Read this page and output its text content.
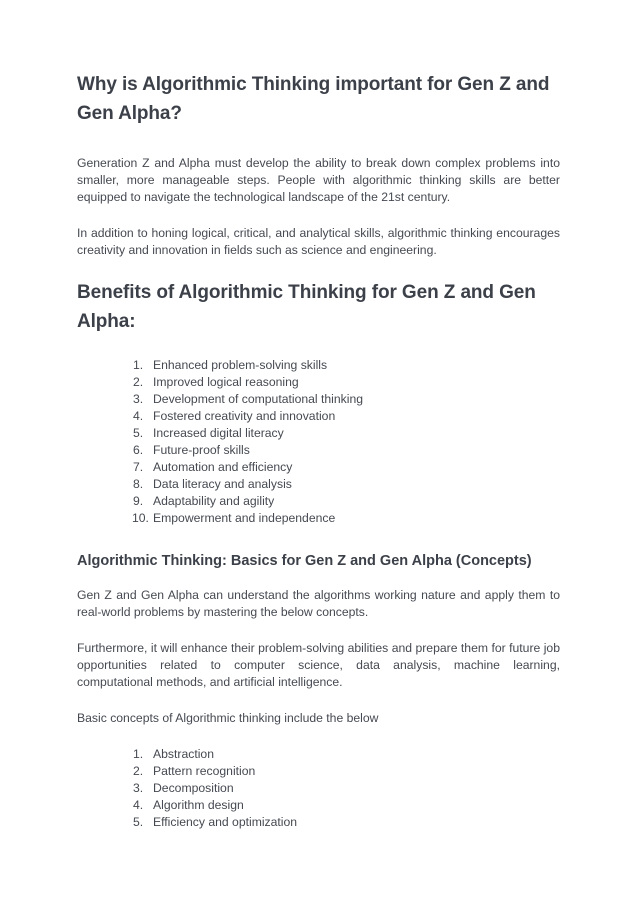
Why is Algorithmic Thinking important for Gen Z and Gen Alpha?

Generation Z and Alpha must develop the ability to break down complex problems into smaller, more manageable steps. People with algorithmic thinking skills are better equipped to navigate the technological landscape of the 21st century.

In addition to honing logical, critical, and analytical skills, algorithmic thinking encourages creativity and innovation in fields such as science and engineering.

Benefits of Algorithmic Thinking for Gen Z and Gen Alpha:
1. Enhanced problem-solving skills
2. Improved logical reasoning
3. Development of computational thinking
4. Fostered creativity and innovation
5. Increased digital literacy
6. Future-proof skills
7. Automation and efficiency
8. Data literacy and analysis
9. Adaptability and agility
10. Empowerment and independence
Algorithmic Thinking: Basics for Gen Z and Gen Alpha (Concepts)

Gen Z and Gen Alpha can understand the algorithms working nature and apply them to real-world problems by mastering the below concepts.

Furthermore, it will enhance their problem-solving abilities and prepare them for future job opportunities related to computer science, data analysis, machine learning, computational methods, and artificial intelligence.

Basic concepts of Algorithmic thinking include the below

1. Abstraction
2. Pattern recognition
3. Decomposition
4. Algorithm design
5. Efficiency and optimization
